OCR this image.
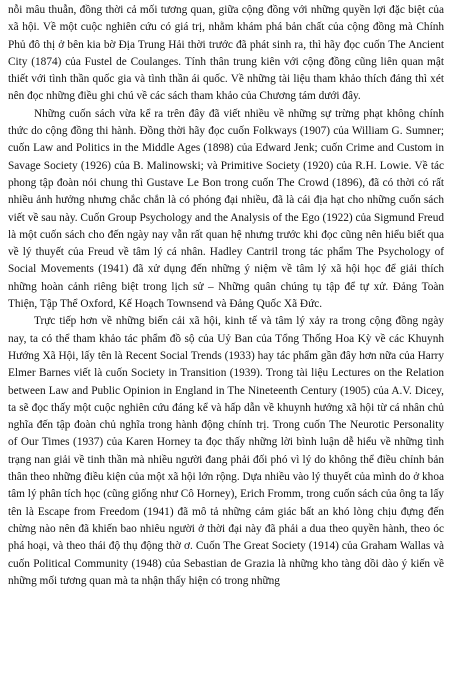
nỗi mâu thuẫn, đồng thời cả mối tương quan, giữa cộng đồng với những quyền lợi đặc biệt của xã hội. Về một cuộc nghiên cứu có giá trị, nhằm khám phá bản chất của cộng đồng mà Chính Phủ đô thị ở bên kia bờ Địa Trung Hải thời trước đã phát sinh ra, thì hãy đọc cuốn The Ancient City (1874) của Fustel de Coulanges. Tính thân trung kiên với cộng đồng cũng liên quan mật thiết với tình thần quốc gia và tình thần ái quốc. Về những tài liệu tham khảo thích đáng thì xét nên đọc những điều ghi chú về các sách tham khảo của Chương tám dưới đây.

Những cuốn sách vừa kể ra trên đây đã viết nhiều về những sự trừng phạt không chính thức do cộng đồng thi hành. Đồng thời hãy đọc cuốn Folkways (1907) của William G. Sumner; cuốn Law and Politics in the Middle Ages (1898) của Edward Jenk; cuốn Crime and Custom in Savage Society (1926) của B. Malinowski; và Primitive Society (1920) của R.H. Lowie. Về tác phong tập đoàn nói chung thì Gustave Le Bon trong cuốn The Crowd (1896), đã có thời có rất nhiều ảnh hưởng nhưng chắc chắn là có phóng đại nhiều, đã là cái địa hạt cho những cuốn sách viết về sau này. Cuốn Group Psychology and the Analysis of the Ego (1922) của Sigmund Freud là một cuốn sách cho đến ngày nay vẫn rất quan hệ nhưng trước khi đọc cũng nên hiểu biết qua về lý thuyết của Freud về tâm lý cá nhân. Hadley Cantril trong tác phẩm The Psychology of Social Movements (1941) đã xử dụng đến những ý niệm về tâm lý xã hội học để giải thích những hoàn cảnh riêng biệt trong lịch sử – Những quân chúng tụ tập để tự xử. Đảng Toàn Thiện, Tập Thể Oxford, Kế Hoạch Townsend và Đảng Quốc Xã Đức.

Trực tiếp hơn về những biến cải xã hội, kinh tế và tâm lý xảy ra trong cộng đồng ngày nay, ta có thể tham khảo tác phẩm đồ sộ của Uỷ Ban của Tổng Thống Hoa Kỳ về các Khuynh Hướng Xã Hội, lấy tên là Recent Social Trends (1933) hay tác phẩm gần đây hơn nữa của Harry Elmer Barnes viết là cuốn Society in Transition (1939). Trong tài liệu Lectures on the Relation between Law and Public Opinion in England in The Nineteenth Century (1905) của A.V. Dicey, ta sẽ đọc thấy một cuộc nghiên cứu đáng kể và hấp dẫn về khuynh hướng xã hội từ cá nhân chủ nghĩa đến tập đoàn chủ nghĩa trong hành động chính trị. Trong cuốn The Neurotic Personality of Our Times (1937) của Karen Horney ta đọc thấy những lời bình luận dễ hiểu về những tình trạng nan giải về tinh thần mà nhiều người đang phải đối phó vì lý do không thể điều chỉnh bản thân theo những điều kiện của một xã hội lớn rộng. Dựa nhiều vào lý thuyết của mình do ở khoa tâm lý phân tích học (cũng giống như Cô Horney), Erich Fromm, trong cuốn sách của ông ta lấy tên là Escape from Freedom (1941) đã mô tả những cảm giác bất an khó lòng chịu đựng đến chừng nào nên đã khiến bao nhiêu người ở thời đại này đã phải a dua theo quyền hành, theo óc phá hoại, và theo thái độ thụ động thờ ơ. Cuốn The Great Society (1914) của Graham Wallas và cuốn Political Community (1948) của Sebastian de Grazia là những kho tàng dồi dào ý kiến về những mối tương quan mà ta nhận thấy hiện có trong những
